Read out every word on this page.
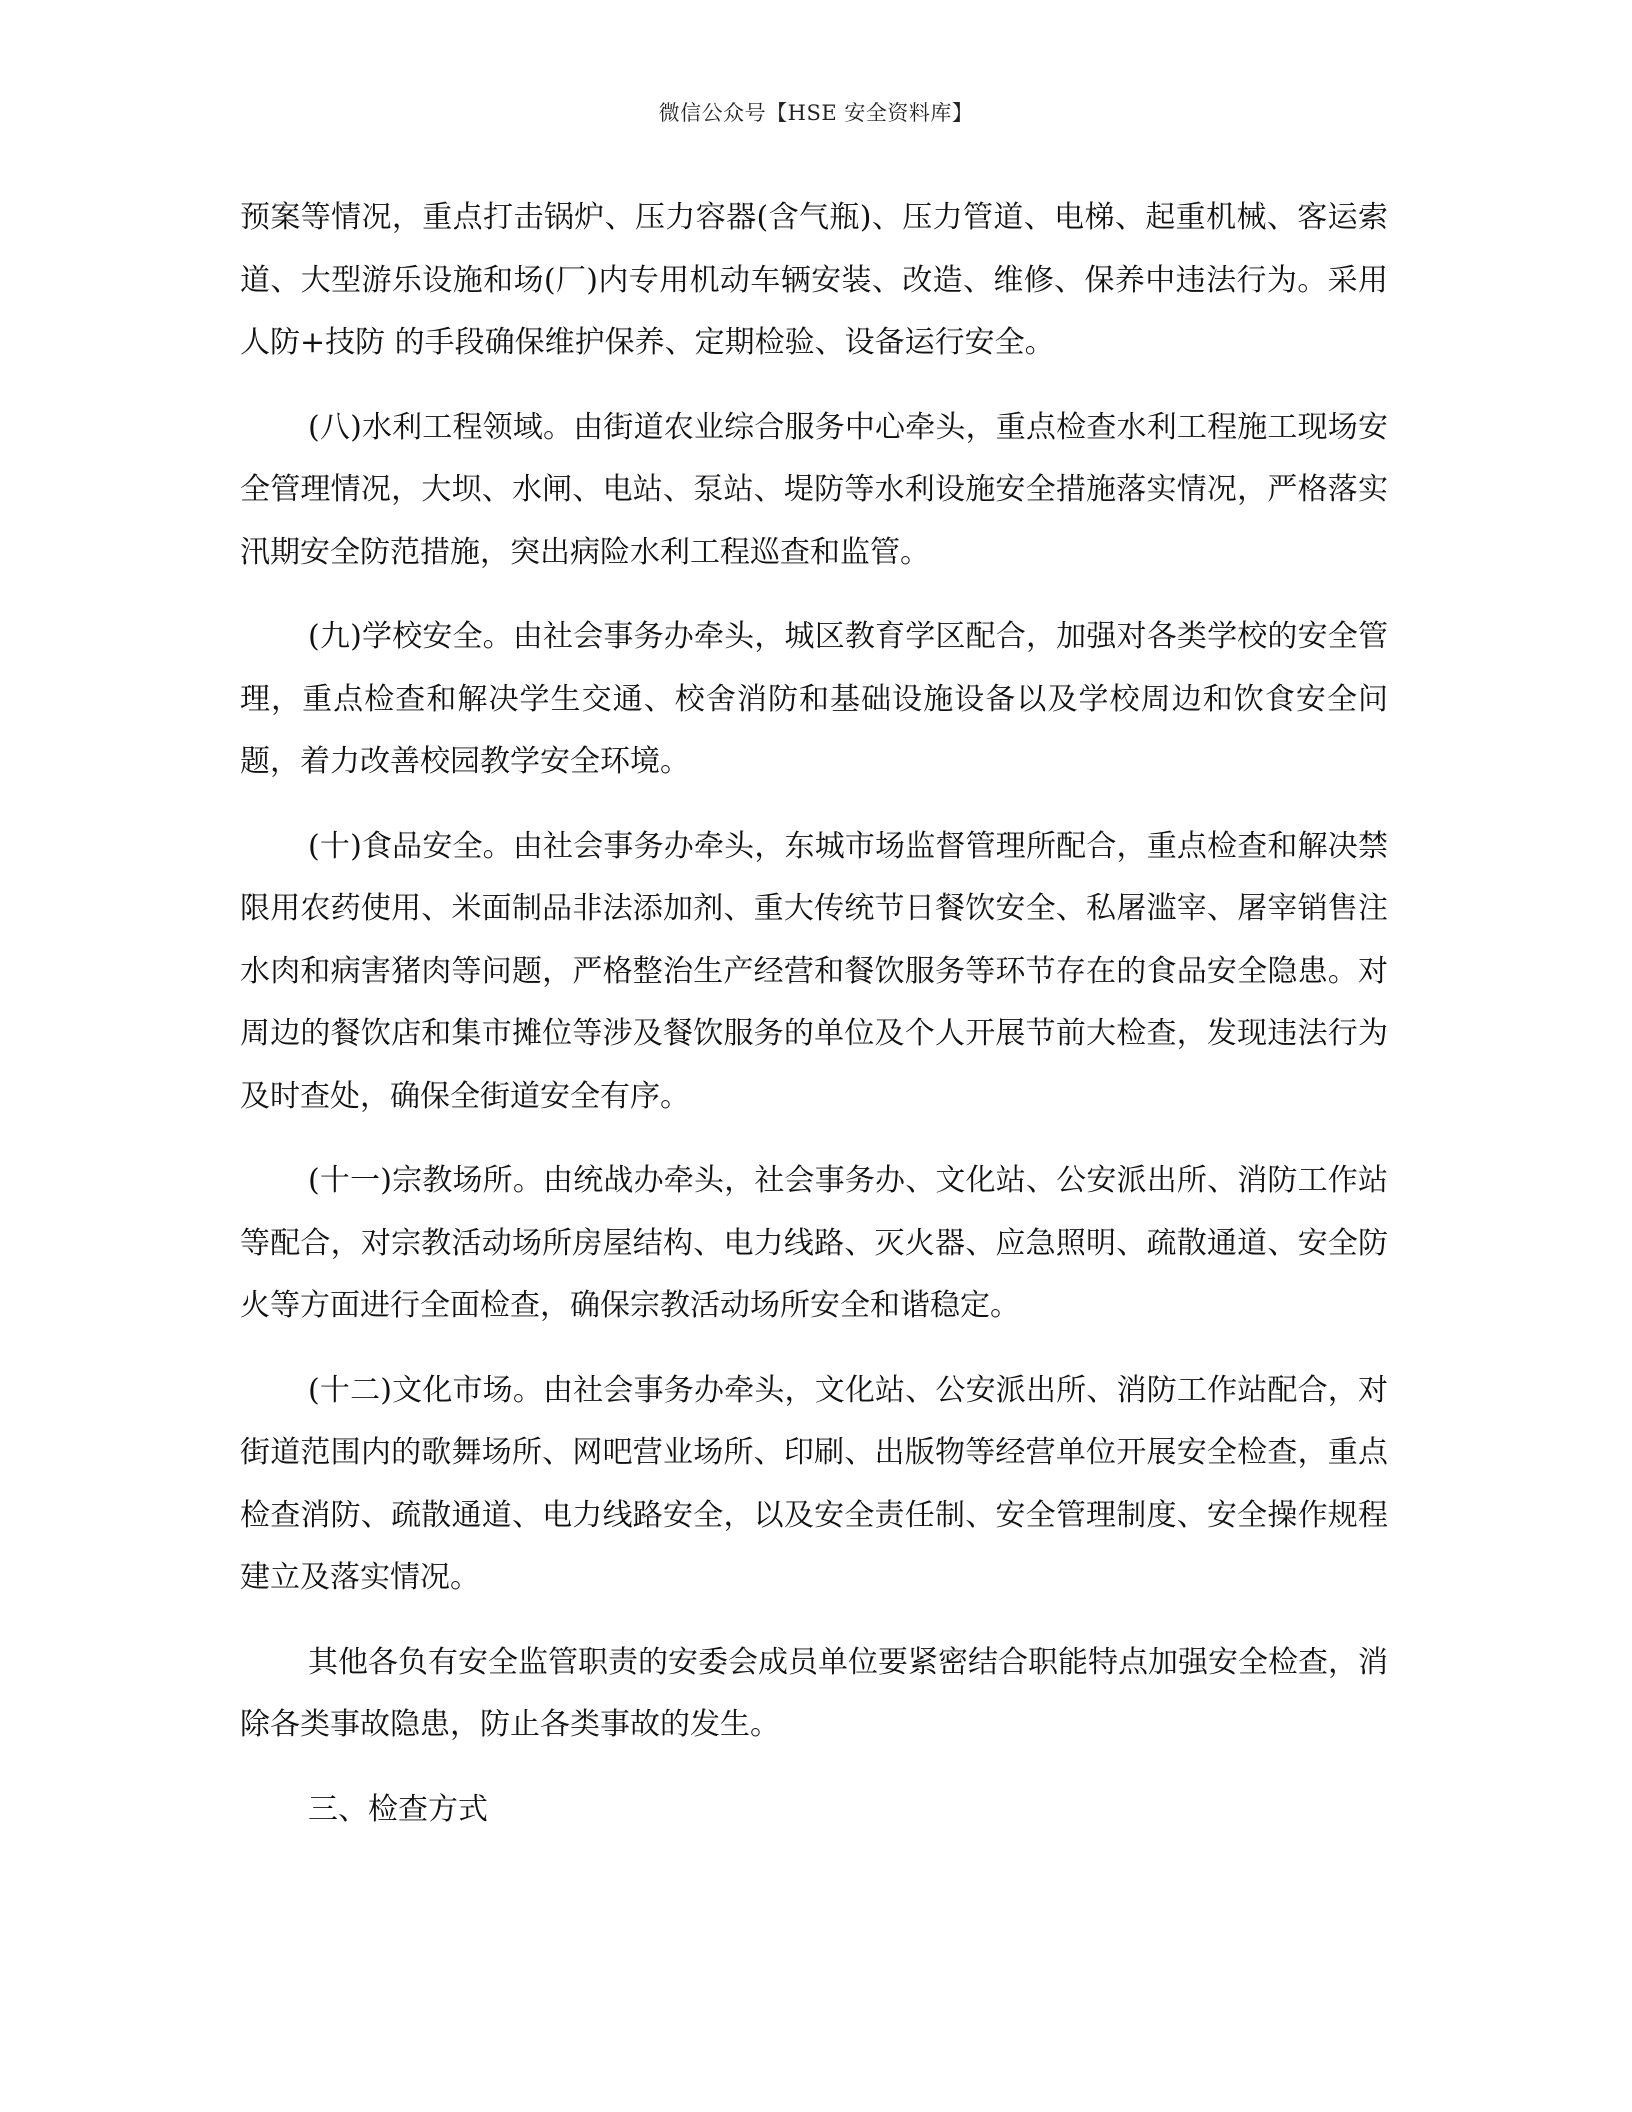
微信公众号【HSE 安全资料库】

预案等情况，重点打击锅炉、压力容器(含气瓶)、压力管道、电梯、起重机械、客运索道、大型游乐设施和场(厂)内专用机动车辆安装、改造、维修、保养中违法行为。采用 人防+技防 的手段确保维护保养、定期检验、设备运行安全。

(八)水利工程领域。由街道农业综合服务中心牵头，重点检查水利工程施工现场安全管理情况，大坝、水闸、电站、泵站、堤防等水利设施安全措施落实情况，严格落实汛期安全防范措施，突出病险水利工程巡查和监管。

(九)学校安全。由社会事务办牵头，城区教育学区配合，加强对各类学校的安全管理，重点检查和解决学生交通、校舍消防和基础设施设备以及学校周边和饮食安全问题，着力改善校园教学安全环境。

(十)食品安全。由社会事务办牵头，东城市场监督管理所配合，重点检查和解决禁限用农药使用、米面制品非法添加剂、重大传统节日餐饮安全、私屠滥宰、屠宰销售注水肉和病害猪肉等问题，严格整治生产经营和餐饮服务等环节存在的食品安全隐患。对周边的餐饮店和集市摊位等涉及餐饮服务的单位及个人开展节前大检查，发现违法行为及时查处，确保全街道安全有序。

(十一)宗教场所。由统战办牵头，社会事务办、文化站、公安派出所、消防工作站等配合，对宗教活动场所房屋结构、电力线路、灭火器、应急照明、疏散通道、安全防火等方面进行全面检查，确保宗教活动场所安全和谐稳定。

(十二)文化市场。由社会事务办牵头，文化站、公安派出所、消防工作站配合，对街道范围内的歌舞场所、网吧营业场所、印刷、出版物等经营单位开展安全检查，重点检查消防、疏散通道、电力线路安全，以及安全责任制、安全管理制度、安全操作规程建立及落实情况。

其他各负有安全监管职责的安委会成员单位要紧密结合职能特点加强安全检查，消除各类事故隐患，防止各类事故的发生。

三、检查方式
